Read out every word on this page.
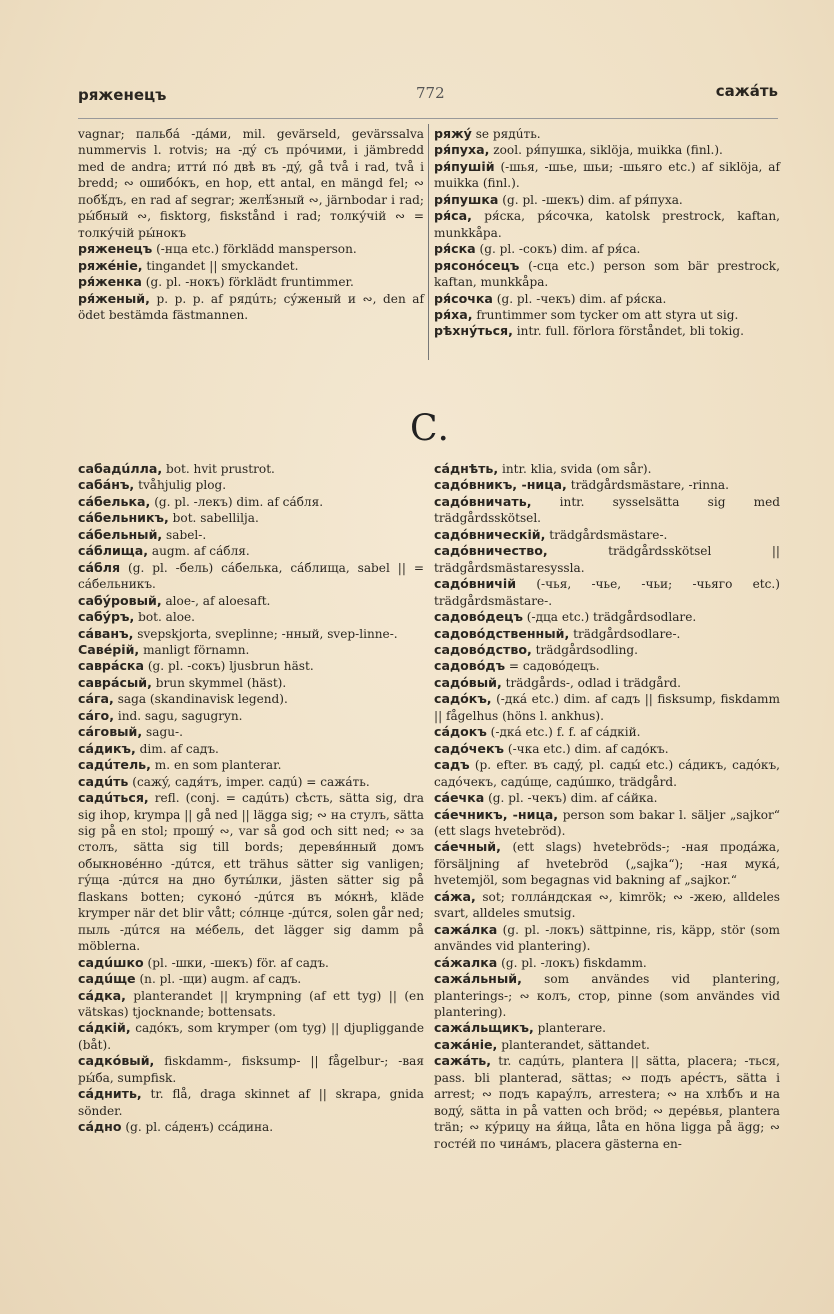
ряженецъ	772	сажáть

vagnar; пальбá -дáми, mil. gevärseld, gevärssalva nummervis l. rotvis; на -дý съ прóчими, i jämbredd med de andra; итти́ пó двѣ въ -дý, gå två i rad, två i bredd; ∾ ошибóкъ, en hop, ett antal, en mängd fel; ∾ побѣ́дъ, en rad af segrar; желѣ́зный ∾, järnbodar i rad; ры́бный ∾, fisktorg, fiskstånd i rad; толку́чій ∾ = толку́чій ры́нокъ

ряженецъ (-нца etc.) förklädd mansperson.

ряжéніе, tingandet || smyckandet.

ря́женка (g. pl. -нокъ) förklädt fruntimmer.

ря́женый, p. p. p. af рядúть; сýженый и ∾, den af ödet bestämda fästmannen.

ряжý se рядúть.

ря́пуха, zool. ря́пушка, siklöja, muikka (finl.).

ря́пушій (-шья, -шье, шьи; -шьяго etc.) af siklöja, af muikka (finl.).

ря́пушка (g. pl. -шекъ) dim. af ря́пуха.

ря́са, ря́ска, ря́сочка, katolsk prestrock, kaftan, munkkåpa.

ря́ска (g. pl. -сокъ) dim. af ря́са.

рясонóсецъ (-сца etc.) person som bär prestrock, kaftan, munkkåpa.

ря́сочка (g. pl. -чекъ) dim. af ря́ска.

ря́ха, fruntimmer som tycker om att styra ut sig.

рѣхнýться, intr. full. förlora förståndet, bli tokig.

С.

сабадúлла, bot. hvit prustrot.

сабáнъ, tvåhjulig plog.

сáбелька, (g. pl. -лекъ) dim. af сáбля.

сáбельникъ, bot. sabellilja.

сáбельный, sabel-.

сáблища, augm. af сáбля.

сáбля (g. pl. -бель) сáбелька, сáблища, sabel || = сáбельникъ.

сабýровый, aloe-, af aloesaft.

сабýръ, bot. aloe.

сáванъ, svepskjorta, sveplinne; -нный, svep-linne-.

Савéрій, manligt förnamn.

саврáска (g. pl. -сокъ) ljusbrun häst.

саврáсый, brun skymmel (häst).

сáга, saga (skandinavisk legend).

сáго, ind. sagu, sagugryn.

сáговый, sagu-.

сáдикъ, dim. af садъ.

садúтель, m. en som planterar.

садúть (сажý, садя́тъ, imper. садú) = сажáть.

садúться, refl. (conj. = садúть) сѣсть, sätta sig, dra sig ihop, krympa || gå ned || lägga sig; ∾ на стулъ, sätta sig på en stol; прошý ∾, var så god och sitt ned; ∾ за столъ, sätta sig till bords; деревя́нный домъ обыкновéнно -дúтся, ett trähus sätter sig vanligen; гýща -дúтся на дно буты́лки, jästen sätter sig på flaskans botten; суконó -дúтся въ мóкнѣ, kläde krymper när det blir vått; сóлнце -дúтся, solen går ned; пыль -дúтся на мéбель, det lägger sig damm på möblerna.

садúшко (pl. -шки, -шекъ) för. af садъ.

садúще (n. pl. -щи) augm. af садъ.

сáдка, planterandet || krympning (af ett tyg) || (en vätskas) tjocknande; bottensats.

сáдкій, садóкъ, som krymper (om tyg) || djupliggande (båt).

садкóвый, fiskdamm-, fisksump- || fågelbur-; -вая ры́ба, sumpfisk.

сáднить, tr. flå, draga skinnet af || skrapa, gnida sönder.

сáдно (g. pl. сáденъ) ссáдина.

сáднѣть, intr. klia, svida (om sår).

садóвникъ, -ница, trädgårdsmästare, -rinna.

садóвничать, intr. sysselsätta sig med trädgårdsskötsel.

садóвническій, trädgårdsmästare-.

садóвничество,	trädgårdsskötsel || trädgårdsmästaresyssla.

садóвничій (-чья, -чье, -чьи; -чьяго etc.) trädgårdsmästare-.

садовóдецъ (-дца etc.) trädgårdsodlare.

садовóдственный, trädgårdsodlare-.

садовóдство, trädgårdsodling.

садовóдъ = садовóдецъ.

садóвый, trädgårds-, odlad i trädgård.

садóкъ, (-дкá etc.) dim. af садъ || fisksump, fiskdamm || fågelhus (höns l. ankhus).

сáдокъ (-дкá etc.) f. f. af сáдкій.

садóчекъ (-чка etc.) dim. af садóкъ.

садъ (p. efter. въ садý, pl. сады́ etc.) сáдикъ, садóкъ, садóчекъ, садúще, садúшко, trädgård.

сáечка (g. pl. -чекъ) dim. af сáйка.

сáечникъ, -ница, person som bakar l. säljer „sajkor“ (ett slags hvetebröd).

сáечный, (ett slags) hvetebröds-; -ная продáжа, försäljning af hvetebröd („sajka“); -ная мукá, hvetemjöl, som begagnas vid bakning af „sajkor.“

сáжа, sot; голлáндская ∾, kimrök; ∾ -жею, alldeles svart, alldeles smutsig.

сажáлка (g. pl. -локъ) sättpinne, ris, käpp, stör (som användes vid plantering).

сáжалка (g. pl. -локъ) fiskdamm.

сажáльный, som användes vid plantering, planterings-; ∾ колъ, стор, pinne (som användes vid plantering).

сажáльщикъ, planterare.

сажáніе, planterandet, sättandet.

сажáть, tr. садúть, plantera || sätta, placera; -ться, pass. bli planterad, sättas; ∾ подъ арéстъ, sätta i arrest; ∾ подъ караýлъ, arrestera; ∾ на хлѣбъ и на водý, sätta in på vatten och bröd; ∾ дерéвья, plantera trän; ∾ кýрицу на я́йца, låta en höna ligga på ägg; ∾ гостéй по чинáмъ, placera gästerna en-
